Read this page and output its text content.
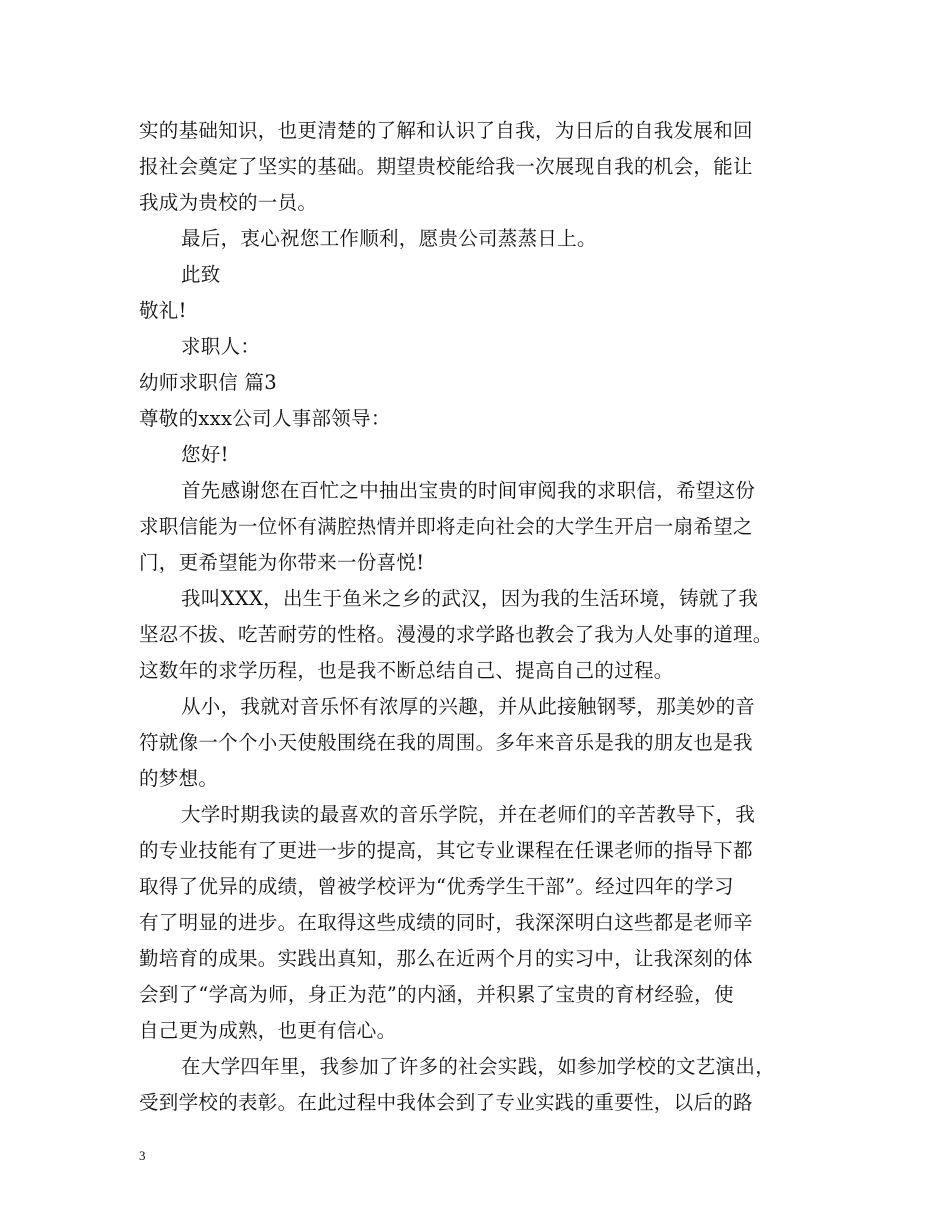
实的基础知识，也更清楚的了解和认识了自我，为日后的自我发展和回
报社会奠定了坚实的基础。期望贵校能给我一次展现自我的机会，能让
我成为贵校的一员。
最后，衷心祝您工作顺利，愿贵公司蒸蒸日上。
此致
敬礼!
求职人：
幼师求职信 篇3
尊敬的xxx公司人事部领导：
您好!
首先感谢您在百忙之中抽出宝贵的时间审阅我的求职信，希望这份
求职信能为一位怀有满腔热情并即将走向社会的大学生开启一扇希望之
门，更希望能为你带来一份喜悦!
我叫XXX，出生于鱼米之乡的武汉，因为我的生活环境，铸就了我
坚忍不拔、吃苦耐劳的性格。漫漫的求学路也教会了我为人处事的道理。
这数年的求学历程，也是我不断总结自己、提高自己的过程。
从小，我就对音乐怀有浓厚的兴趣，并从此接触钢琴，那美妙的音
符就像一个个小天使般围绕在我的周围。多年来音乐是我的朋友也是我
的梦想。
大学时期我读的最喜欢的音乐学院，并在老师们的辛苦教导下，我
的专业技能有了更进一步的提高，其它专业课程在任课老师的指导下都
取得了优异的成绩，曾被学校评为“优秀学生干部”。经过四年的学习
有了明显的进步。在取得这些成绩的同时，我深深明白这些都是老师辛
勤培育的成果。实践出真知，那么在近两个月的实习中，让我深刻的体
会到了“学高为师，身正为范”的内涵，并积累了宝贵的育材经验，使
自己更为成熟，也更有信心。
在大学四年里，我参加了许多的社会实践，如参加学校的文艺演出，
受到学校的表彰。在此过程中我体会到了专业实践的重要性，以后的路
3
